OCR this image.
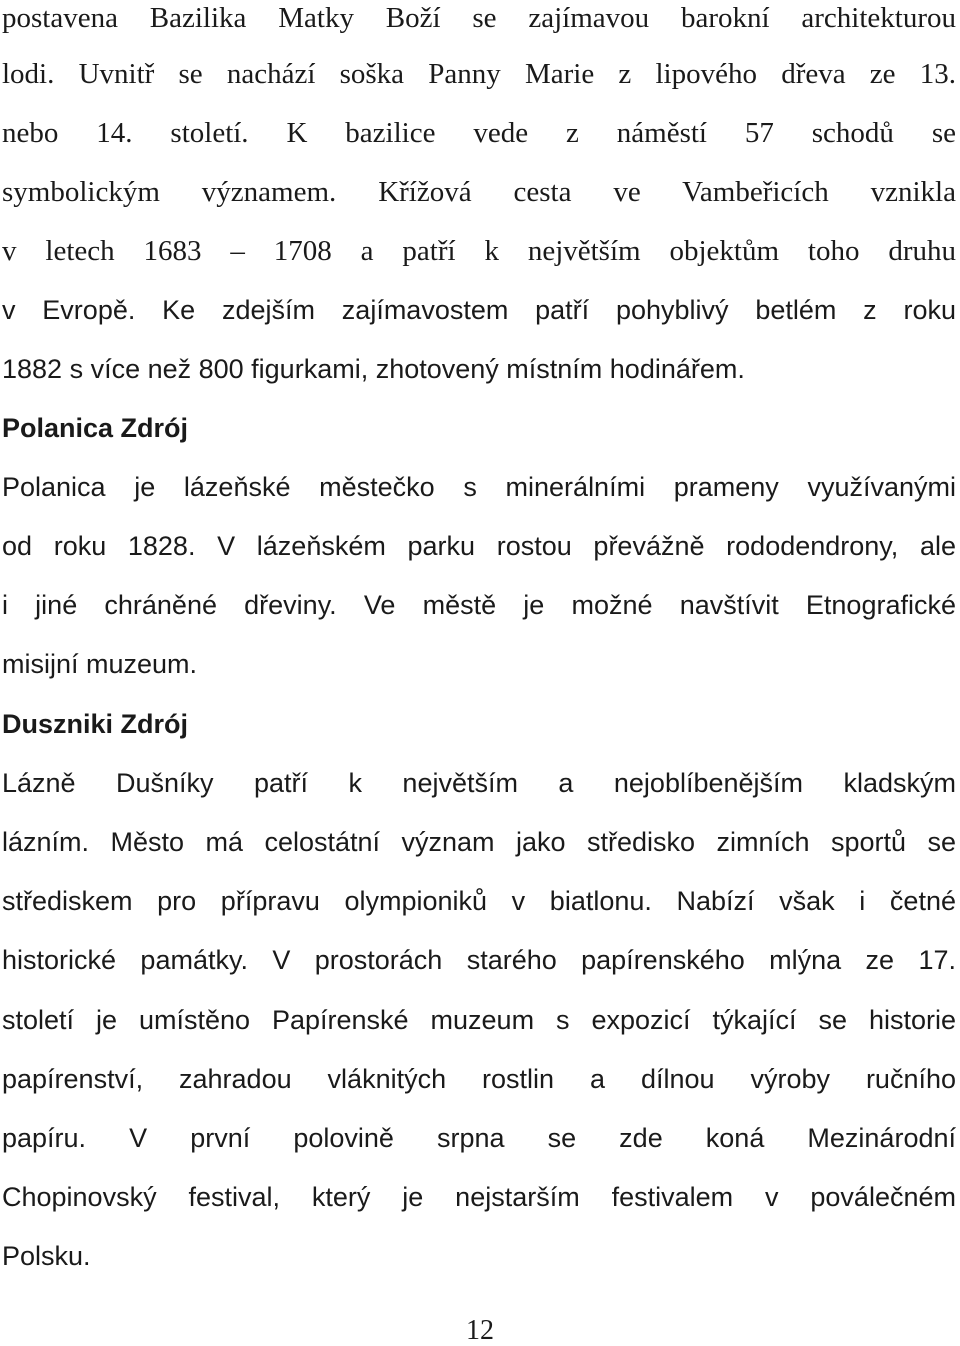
postavena Bazilika Matky Boží se zajímavou barokní architekturou
lodi. Uvnitř se nachází soška Panny Marie z lipového dřeva ze 13.
nebo 14. století. K bazilice vede z náměstí 57 schodů se
symbolickým významem. Křížová cesta ve Vambeřicích vznikla
v letech 1683 – 1708 a patří k největším objektům toho druhu
v Evropě. Ke zdejším zajímavostem patří pohyblivý betlém z roku
1882 s více než 800 figurkami, zhotovený místním hodinářem.
Polanica Zdrój
Polanica je lázeňské městečko s minerálními prameny využívanými
od roku 1828. V lázeňském parku rostou převážně rododendrony, ale
i jiné chráněné dřeviny. Ve městě je možné navštívit Etnografické
misijní muzeum.
Duszniki Zdrój
Lázně Dušníky patří k největším a nejoblíbenějším kladským
lázním. Město má celostátní význam jako středisko zimních sportů se
střediskem pro přípravu olympioniků v biatlonu. Nabízí však i četné
historické památky. V prostorách starého papírenského mlýna ze 17.
století je umístěno Papírenské muzeum s expozicí týkající se historie
papírenství, zahradou vláknitých rostlin a dílnou výroby ručního
papíru. V první polovině srpna se zde koná Mezinárodní
Chopinovský festival, který je nejstarším festivalem v poválečném
Polsku.
12
